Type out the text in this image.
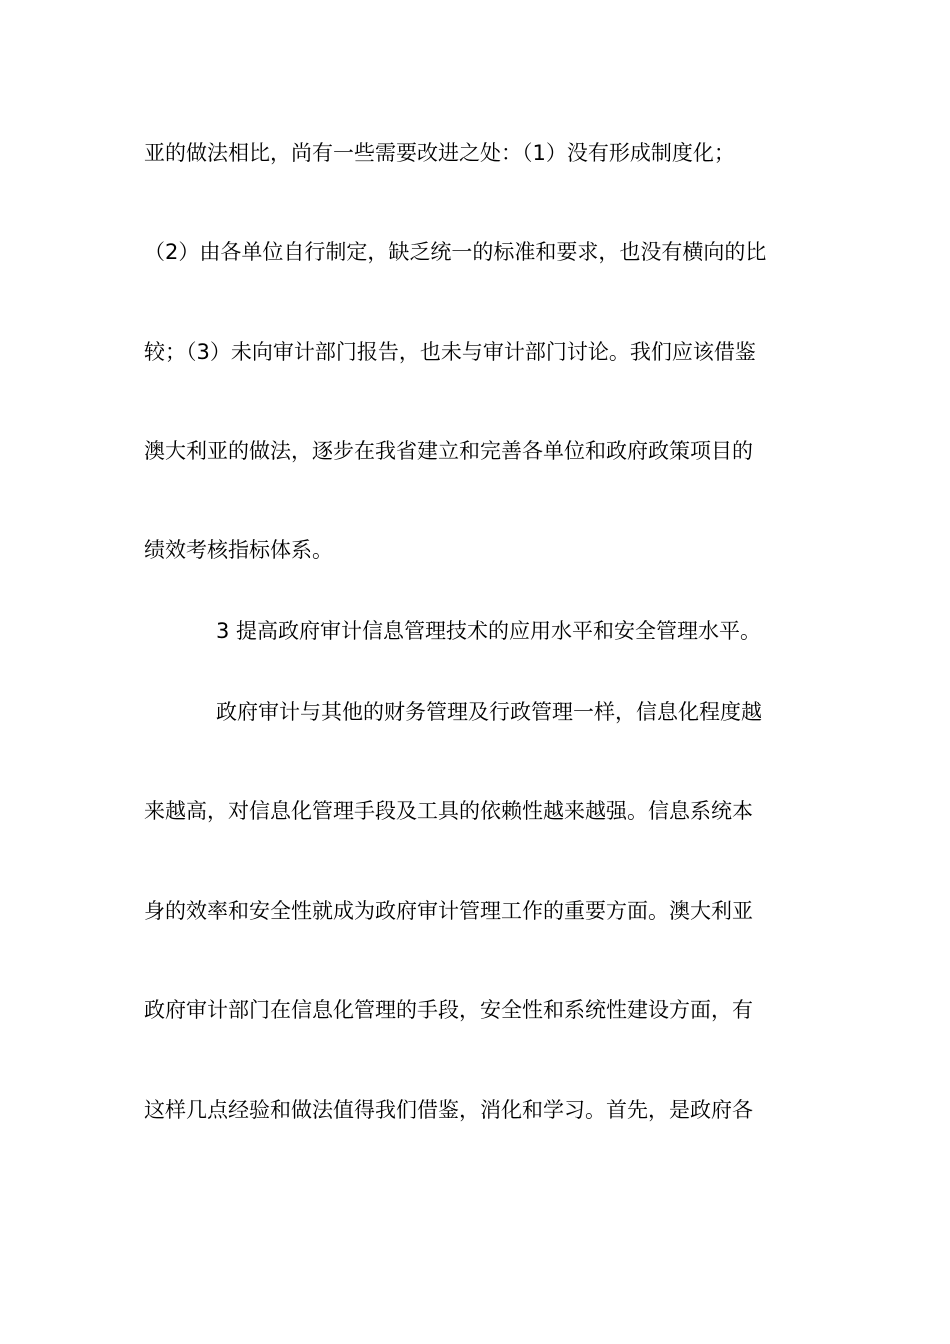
亚的做法相比，尚有一些需要改进之处：（1）没有形成制度化；
（2）由各单位自行制定，缺乏统一的标准和要求，也没有横向的比
较；（3）未向审计部门报告，也未与审计部门讨论。我们应该借鉴
澳大利亚的做法，逐步在我省建立和完善各单位和政府政策项目的
绩效考核指标体系。
3 提高政府审计信息管理技术的应用水平和安全管理水平。
政府审计与其他的财务管理及行政管理一样，信息化程度越
来越高，对信息化管理手段及工具的依赖性越来越强。信息系统本
身的效率和安全性就成为政府审计管理工作的重要方面。澳大利亚
政府审计部门在信息化管理的手段，安全性和系统性建设方面，有
这样几点经验和做法值得我们借鉴，消化和学习。首先，是政府各
